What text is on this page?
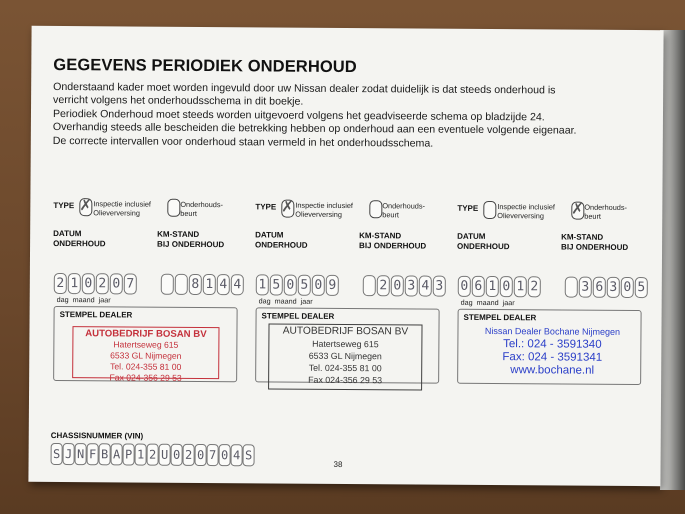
GEGEVENS PERIODIEK ONDERHOUD
Onderstaand kader moet worden ingevuld door uw Nissan dealer zodat duidelijk is dat steeds onderhoud is
verricht volgens het onderhoudsschema in dit boekje.
Periodiek Onderhoud moet steeds worden uitgevoerd volgens het geadviseerde schema op bladzijde 24.
Overhandig steeds alle bescheiden die betrekking hebben op onderhoud aan een eventuele volgende eigenaar.
De correcte intervallen voor onderhoud staan vermeld in het onderhoudsschema.
TYPE ✗ Inspectie inclusief
Olieverversing
Onderhouds-
beurt
DATUM
ONDERHOUD
KM-STAND
BIJ ONDERHOUD
2 1 0 2 0 7	8 1 4 4
dag maand jaar
STEMPEL DEALER
AUTOBEDRIJF BOSAN BV
Hatertseweg 615
6533 GL Nijmegen
Tel. 024-355 81 00
Fax 024-356 29 53
TYPE ✗ Inspectie inclusief
Olieverversing
Onderhouds-
beurt
DATUM
ONDERHOUD
KM-STAND
BIJ ONDERHOUD
1 5 0 5 0 9	2 0 3 4 3
dag maand jaar
STEMPEL DEALER
AUTOBEDRIJF BOSAN BV
Hatertseweg 615
6533 GL Nijmegen
Tel. 024-355 81 00
Fax 024-356 29 53
TYPE	Inspectie inclusief
Olieverversing	✗ Onderhouds-
beurt
DATUM
ONDERHOUD
KM-STAND
BIJ ONDERHOUD
0 6 1 0 1 2	3 6 3 0 5
dag maand jaar
STEMPEL DEALER
Nissan Dealer Bochane Nijmegen
Tel.: 024 - 3591340
Fax: 024 - 3591341
www.bochane.nl
CHASSISNUMMER (VIN)
S J N F B A P 1 2 U 0 2 0 7 0 4 S
38
